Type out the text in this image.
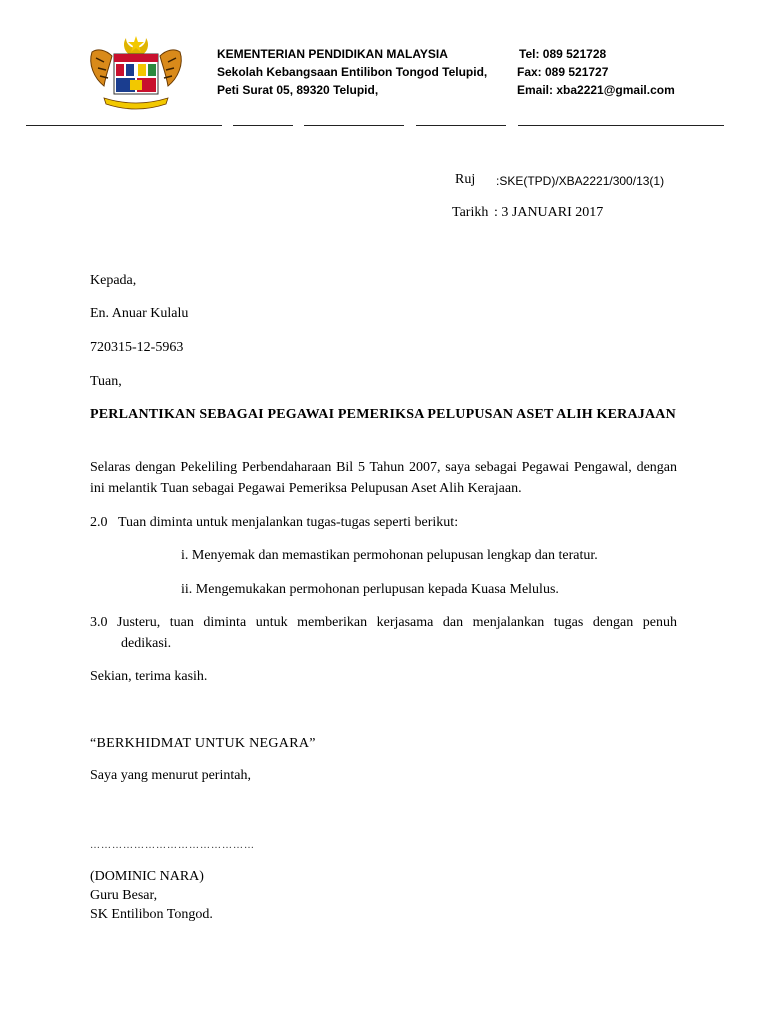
KEMENTERIAN PENDIDIKAN MALAYSIA
Sekolah Kebangsaan Entilibon Tongod Telupid,
Peti Surat 05, 89320 Telupid,
Tel: 089 521728
Fax: 089 521727
Email: xba2221@gmail.com
Ruj :SKE(TPD)/XBA2221/300/13(1)
Tarikh : 3 JANUARI 2017
Kepada,
En. Anuar Kulalu
720315-12-5963
Tuan,
PERLANTIKAN SEBAGAI PEGAWAI PEMERIKSA PELUPUSAN ASET ALIH KERAJAAN
Selaras dengan Pekeliling Perbendaharaan Bil 5 Tahun 2007, saya sebagai Pegawai Pengawal, dengan ini melantik Tuan sebagai Pegawai Pemeriksa Pelupusan Aset Alih Kerajaan.
2.0 Tuan diminta untuk menjalankan tugas-tugas seperti berikut:
i. Menyemak dan memastikan permohonan pelupusan lengkap dan teratur.
ii. Mengemukakan permohonan perlupusan kepada Kuasa Melulus.
3.0 Justeru, tuan diminta untuk memberikan kerjasama dan menjalankan tugas dengan penuh
dedikasi.
Sekian, terima kasih.
“BERKHIDMAT UNTUK NEGARA”
Saya yang menurut perintah,
………………………………………
(DOMINIC NARA)
Guru Besar,
SK Entilibon Tongod.
